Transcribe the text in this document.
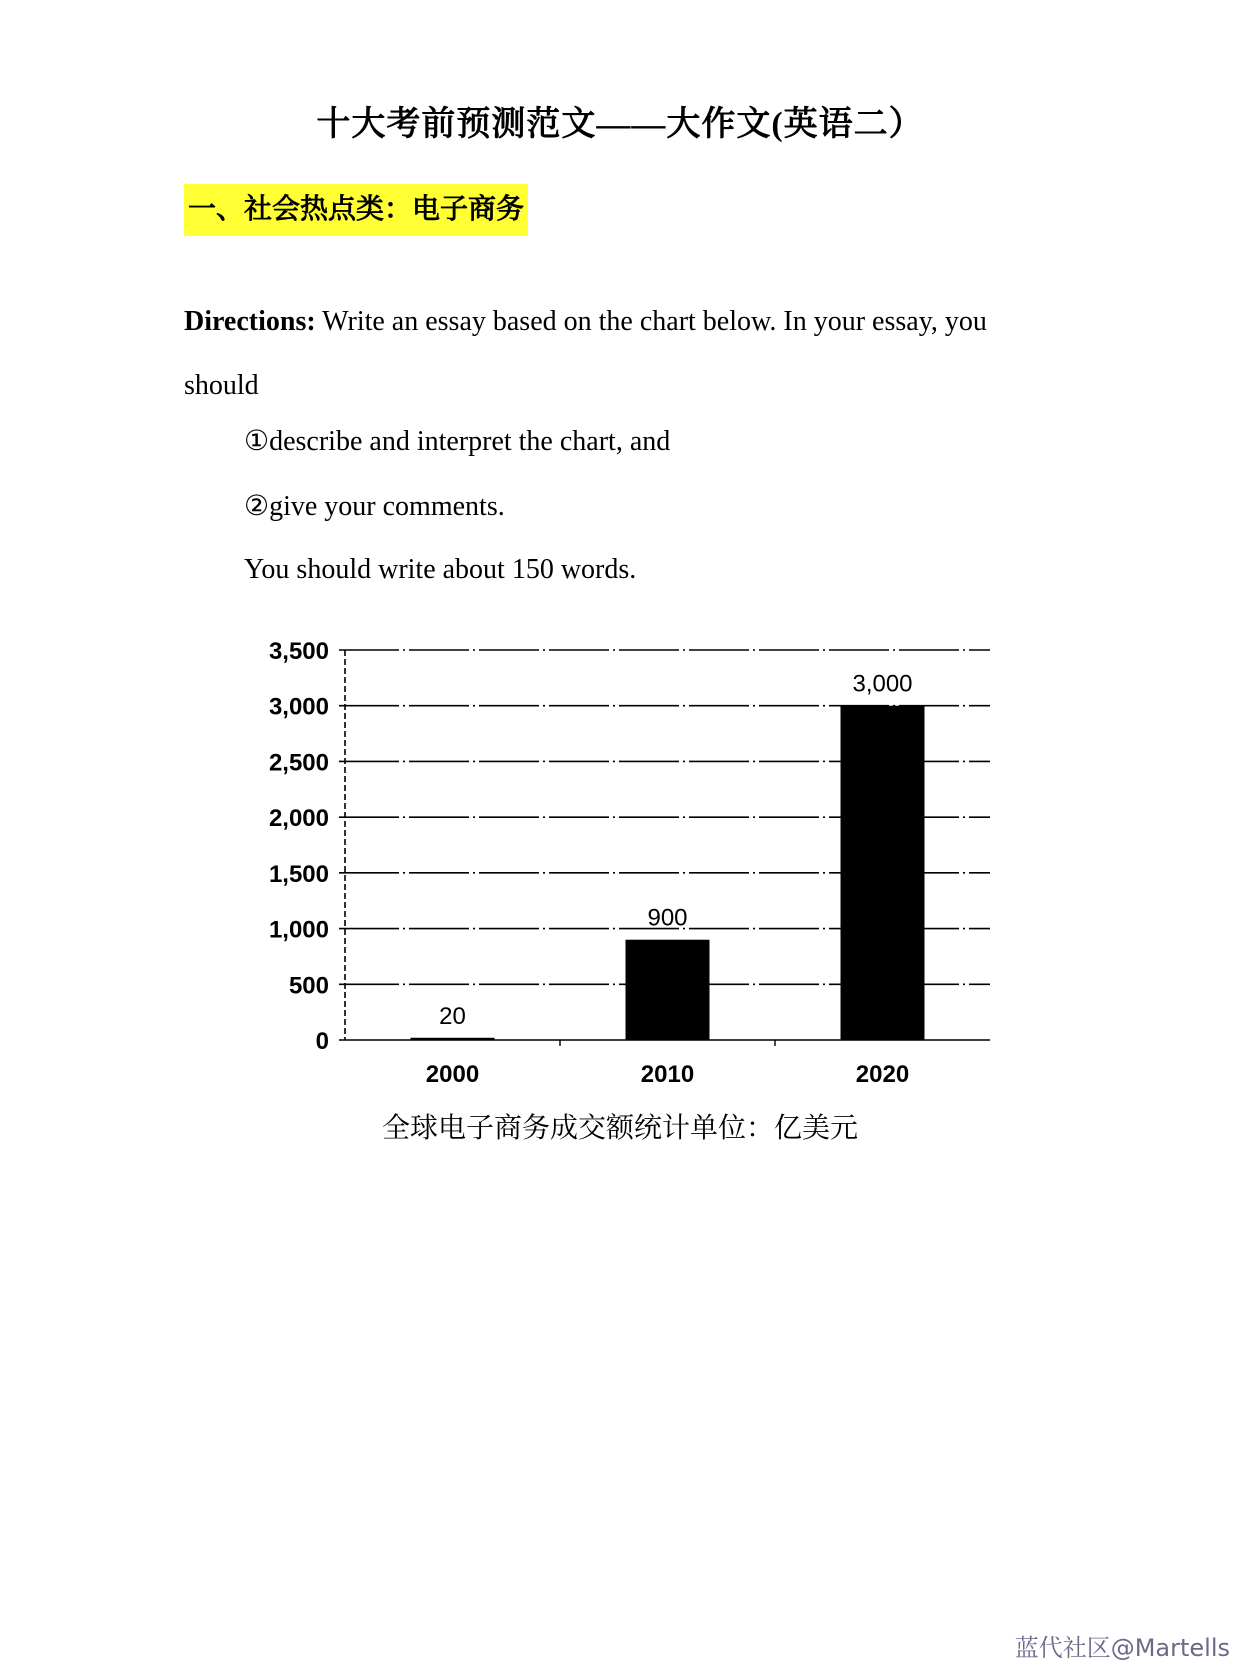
十大考前预测范文——大作文(英语二）
一、社会热点类：电子商务
Directions: Write an essay based on the chart below. In your essay, you should
①describe and interpret the chart, and
②give your comments.
You should write about 150 words.
0
500
1,000
1,500
2,000
2,500
3,000
3,500
20
2000
900
2010
3,000
2020
全球电子商务成交额统计单位：亿美元
蓝代社区@Martells
